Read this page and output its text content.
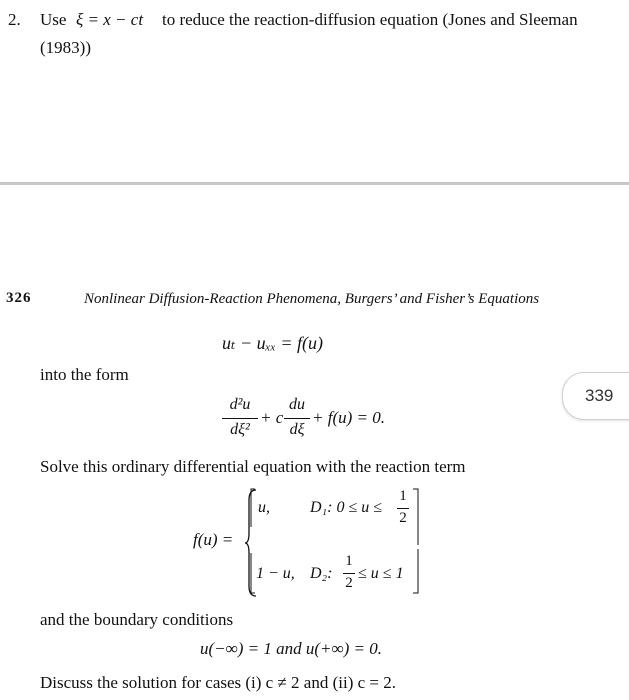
2. Use ξ = x − ct to reduce the reaction-diffusion equation (Jones and Sleeman
(1983))
326	Nonlinear Diffusion-Reaction Phenomena, Burgers’ and Fisher’s Equations
uₜ − uₓₓ = f(u)
into the form
d²u
dξ²
+ c
du
dξ
+ f(u) = 0.
339
Solve this ordinary differential equation with the reaction term
f(u) =
u,	D₁: 0 ≤ u ≤
1
2
1 − u, D₂:
1
2
≤ u ≤ 1
and the boundary conditions
u(−∞) = 1 and u(+∞) = 0.
Discuss the solution for cases (i) c ≠ 2 and (ii) c = 2.
